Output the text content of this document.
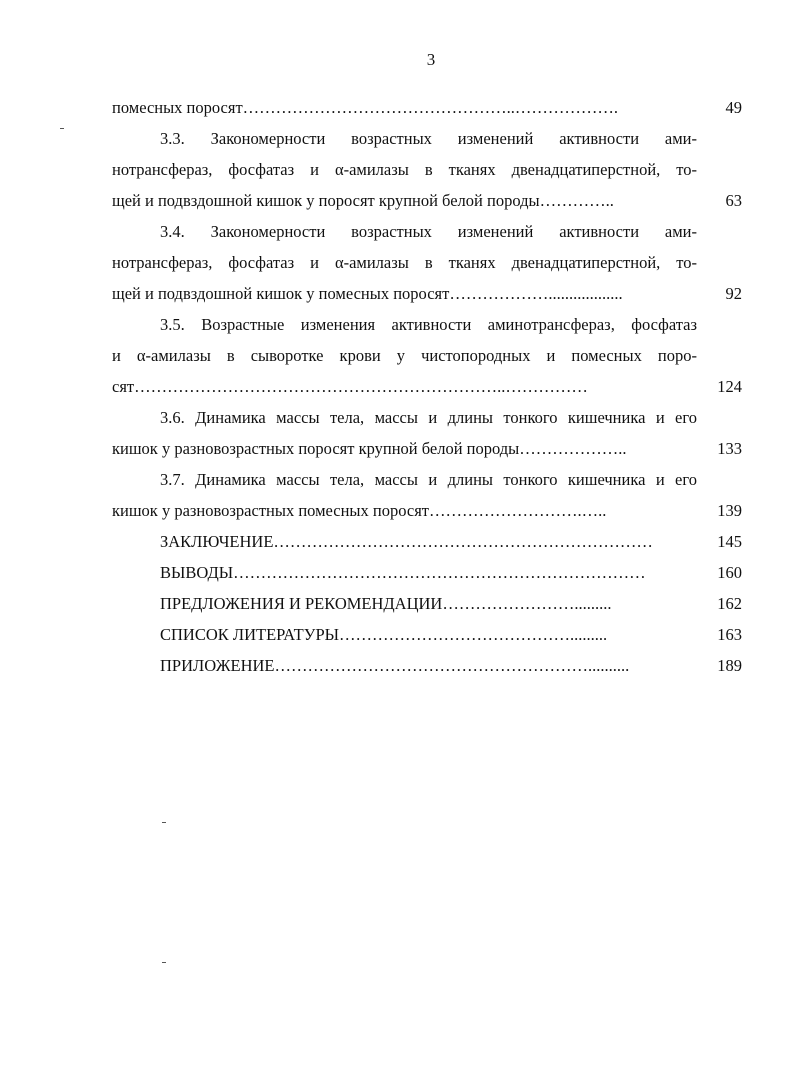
3
помесных поросят…………………………………………..……………….	49
3.3. Закономерности возрастных изменений активности ами-
нотрансфераз, фосфатаз и α-амилазы в тканях двенадцатиперстной, то-
щей и подвздошной кишок у поросят крупной белой породы…………..	63
3.4. Закономерности возрастных изменений активности ами-
нотрансфераз, фосфатаз и α-амилазы в тканях двенадцатиперстной, то-
щей и подвздошной кишок у помесных поросят………………..................	92
3.5. Возрастные изменения активности аминотрансфераз, фосфатаз
и α-амилазы в сыворотке крови у чистопородных и помесных поро-
сят…………………………………………………………..……………	124
3.6. Динамика массы тела, массы и длины тонкого кишечника и его
кишок у разновозрастных поросят крупной белой породы………………..	133
3.7. Динамика массы тела, массы и длины тонкого кишечника и его
кишок у разновозрастных помесных поросят……………………….…..	139
ЗАКЛЮЧЕНИЕ……………………………………………………………	145
ВЫВОДЫ…………………………………………………………………	160
ПРЕДЛОЖЕНИЯ И РЕКОМЕНДАЦИИ…………………….........	162
СПИСОК ЛИТЕРАТУРЫ…………………………………….........	163
ПРИЛОЖЕНИЕ…………………………………………………..........	189
